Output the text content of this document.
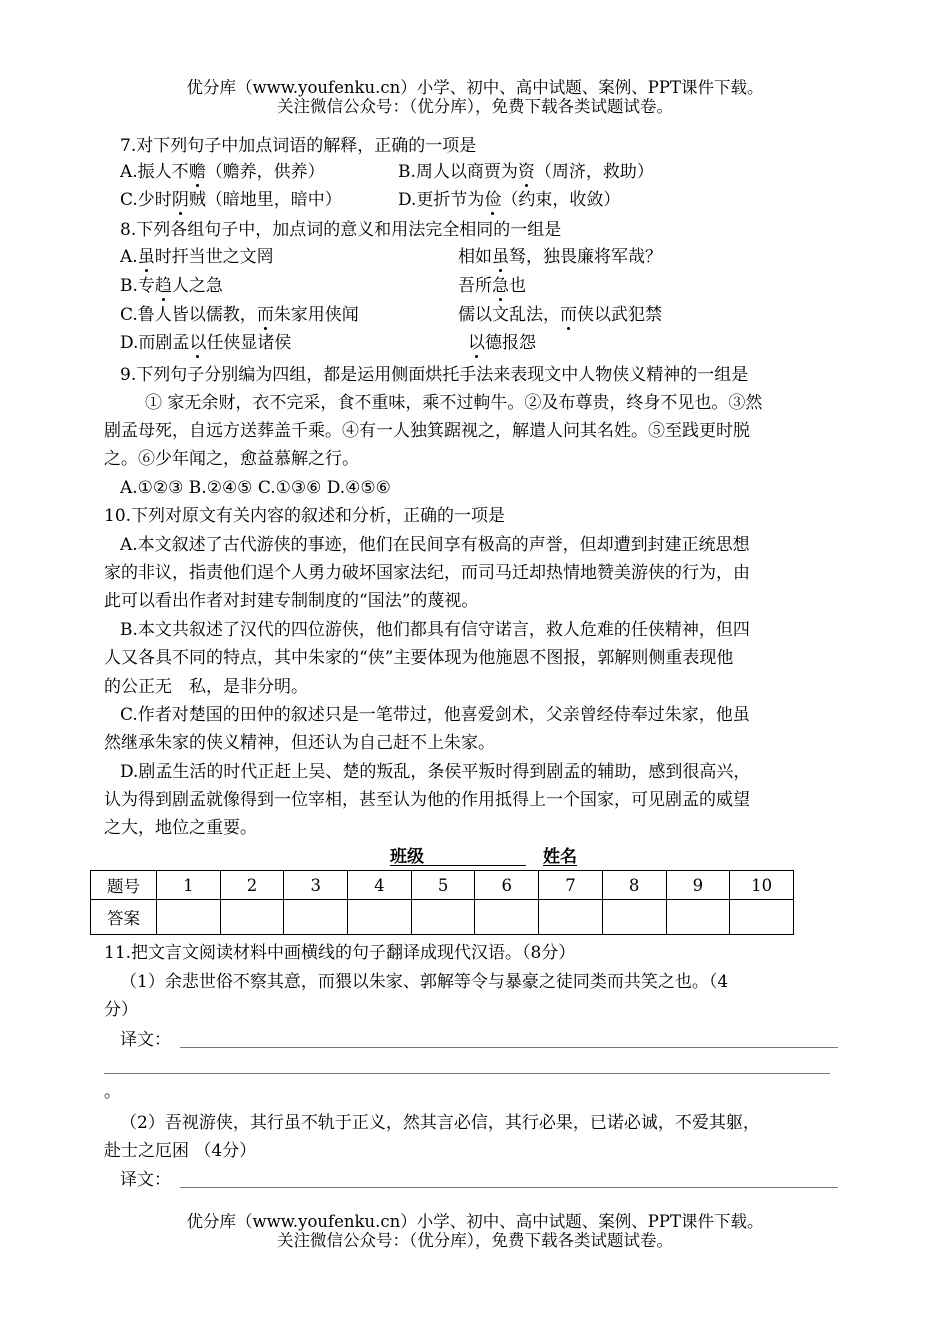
优分库（www.youfenku.cn）小学、初中、高中试题、案例、PPT课件下载。
关注微信公众号：（优分库），免费下载各类试题试卷。
7.对下列句子中加点词语的解释，正确的一项是
A.振人不赡（赡养，供养）	B.周人以商贾为资（周济，救助）
C.少时阴贼（暗地里，暗中）	D.更折节为俭（约束，收敛）
8.下列各组句子中，加点词的意义和用法完全相同的一组是
A.虽时扞当世之文罔	相如虽驽，独畏廉将军哉？
B.专趋人之急	吾所急也
C.鲁人皆以儒教，而朱家用侠闻	儒以文乱法，而侠以武犯禁
D.而剧孟以任侠显诸侯	以德报怨
9.下列句子分别编为四组，都是运用侧面烘托手法来表现文中人物侠义精神的一组是
① 家无余财，衣不完采，食不重味，乘不过軥牛。②及布尊贵，终身不见也。③然
剧孟母死，自远方送葬盖千乘。④有一人独箕踞视之，解遣人问其名姓。⑤至践更时脱
之。⑥少年闻之，愈益慕解之行。
A.①②③ B.②④⑤ C.①③⑥ D.④⑤⑥
10.下列对原文有关内容的叙述和分析，正确的一项是
A.本文叙述了古代游侠的事迹，他们在民间享有极高的声誉，但却遭到封建正统思想
家的非议，指责他们逞个人勇力破坏国家法纪，而司马迁却热情地赞美游侠的行为，由
此可以看出作者对封建专制制度的“国法”的蔑视。
B.本文共叙述了汉代的四位游侠，他们都具有信守诺言，救人危难的任侠精神，但四
人又各具不同的特点，其中朱家的“侠”主要体现为他施恩不图报，郭解则侧重表现他
的公正无　私，是非分明。
C.作者对楚国的田仲的叙述只是一笔带过，他喜爱剑术，父亲曾经侍奉过朱家，他虽
然继承朱家的侠义精神，但还认为自己赶不上朱家。
D.剧孟生活的时代正赶上吴、楚的叛乱，条侯平叛时得到剧孟的辅助，感到很高兴，
认为得到剧孟就像得到一位宰相，甚至认为他的作用抵得上一个国家，可见剧孟的威望
之大，地位之重要。
班级　　　　　　	姓名
题号	1	2	3	4	5	6	7	8	9	10
答案										
11.把文言文阅读材料中画横线的句子翻译成现代汉语。（8分）
（1）余悲世俗不察其意，而猥以朱家、郭解等令与暴豪之徒同类而共笑之也。（4
分）
译文：
。
（2）吾视游侠，其行虽不轨于正义，然其言必信，其行必果，已诺必诚，不爱其躯，
赴士之厄困 （4分）
译文：
优分库（www.youfenku.cn）小学、初中、高中试题、案例、PPT课件下载。
关注微信公众号：（优分库），免费下载各类试题试卷。
